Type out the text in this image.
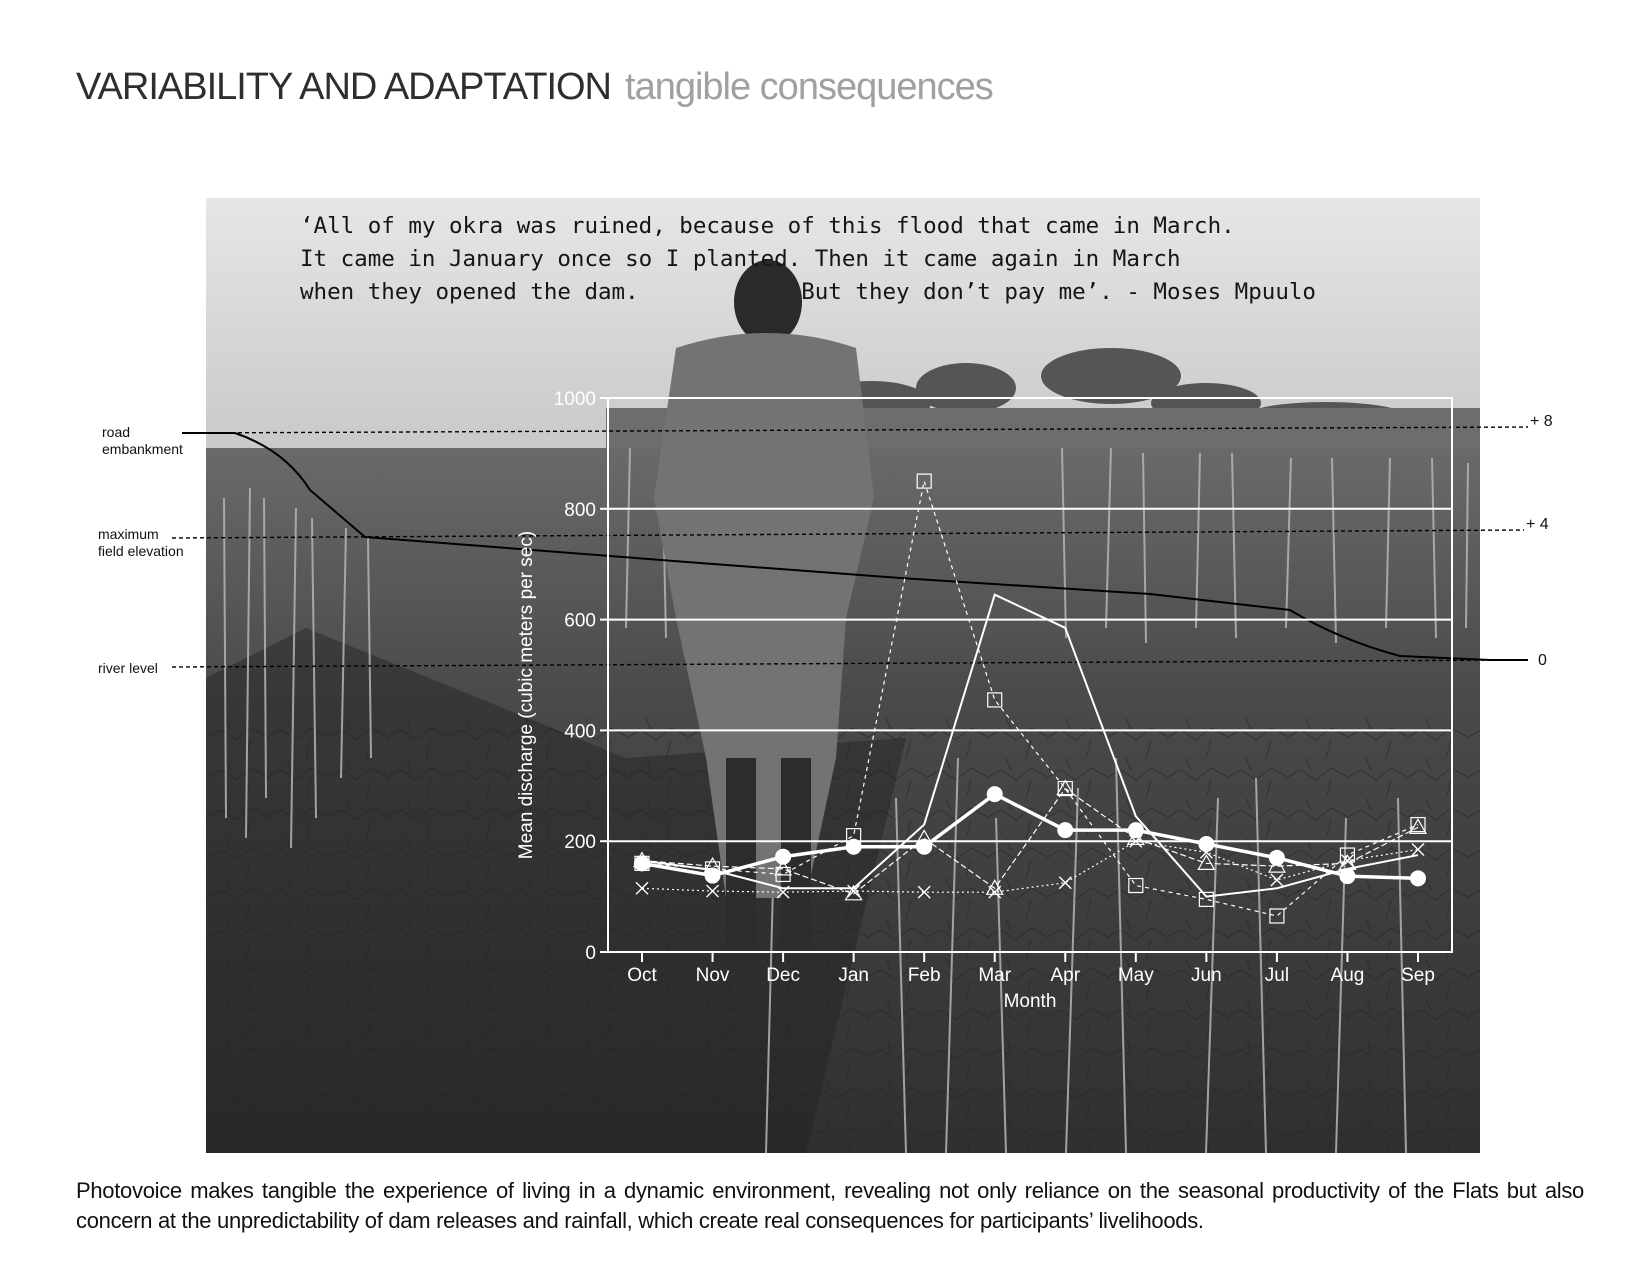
VARIABILITY AND ADAPTATION tangible consequences
‘All of my okra was ruined, because of this flood that came in March.
It came in January once so I planted. Then it came again in March
when they opened the dam.            But they don’t pay me’. - Moses Mpuulo
road
embankment
maximum
field elevation
river level
+ 8
+ 4
0
0
200
400
600
800
1000
Oct Nov Dec Jan Feb Mar Apr May Jun Jul Aug Sep
Month
Mean discharge (cubic meters per sec)
Photovoice makes tangible the experience of living in a dynamic environment, revealing not only reliance on the seasonal productivity of the Flats but also concern at the unpredictability of dam releases and rainfall, which create real consequences for participants’ livelihoods.
